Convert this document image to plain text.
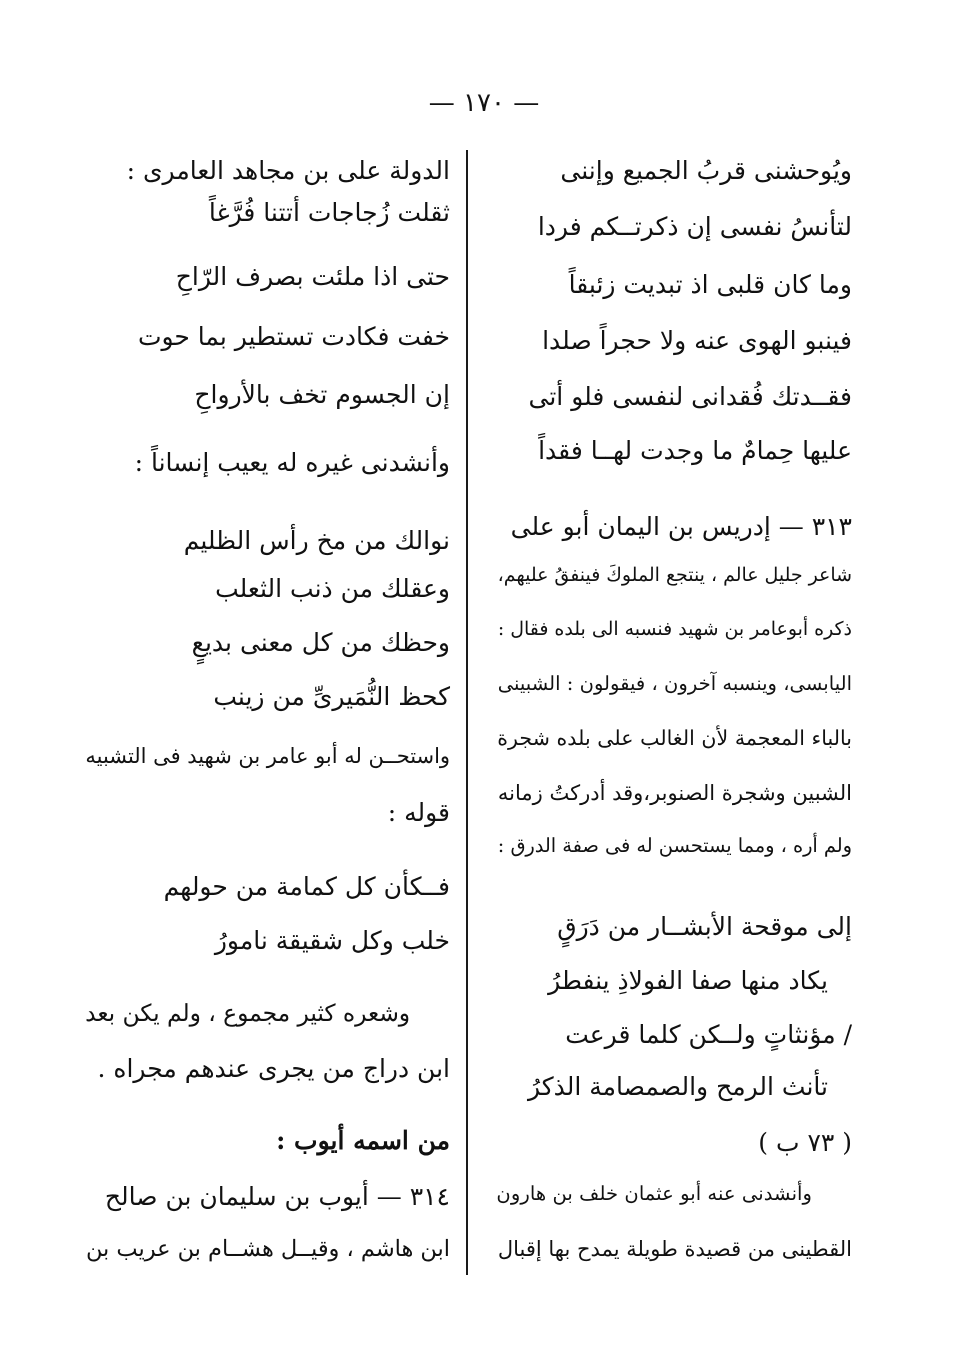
— ١٧٠ —
ويُوحشنى قربُ الجميع وإننى
لتأنسُ نفسى إن ذكرتــكم فردا
وما كان قلبى اذ تبديت زئبقاً
فينبو الهوى عنه ولا حجراً صلدا
فقــدتك فُقدانى لنفسى فلو أتى
عليها حِمامٌ ما وجدت لهــا فقداً
٣١٣ — إدريس بن اليمان أبو على
شاعر جليل عالم ، ينتجع الملوكَ فينفقُ عليهم،
ذكره أبوعامر بن شهيد فنسبه الى بلده فقال :
اليابسى، وينسبه آخرون ، فيقولون : الشبينى
بالباء المعجمة لأن الغالب على بلده شجرة
الشبين وشجرة الصنوبر،وقد أدركتُ زمانه
ولم أره ، ومما يستحسن له فى صفة الدرق :
إلى موقحة الأبشــار من دَرَقٍ
يكاد منها صفا الفولاذِ ينفطرُ
/ مؤنثاتٍ ولــكن كلما قرعت
تأنث الرمح والصمصامة الذكرُ
( ٧٣ ب )
وأنشدنى عنه أبو عثمان خلف بن هارون
القطينى من قصيدة طويلة يمدح بها إقبال
الدولة على بن مجاهد العامرى :
ثقلت زُجاجات أتتنا فُرَّغاً
حتى اذا ملئت بصرف الرّاحِ
خفت فكادت تستطير بما حوت
إن الجسوم تخف بالأرواحِ
وأنشدنى غيره له يعيب إنساناً :
نوالك من مخ رأس الظليم
وعقلك من ذنب الثعلب
وحظك من كل معنى بديعٍ
كحظ النُّمَيرىِّ من زينب
واستحــن له أبو عامر بن شهيد فى التشبيه
قوله :
فــكأن كل كمامة من حولهم
خلب وكل شقيقة نامورُ
وشعره كثير مجموع ، ولم يكن بعد
ابن دراج من يجرى عندهم مجراه .
من اسمه أيوب :
٣١٤ — أيوب بن سليمان بن صالح
ابن هاشم ، وقيــل هشــام بن عريب بن
